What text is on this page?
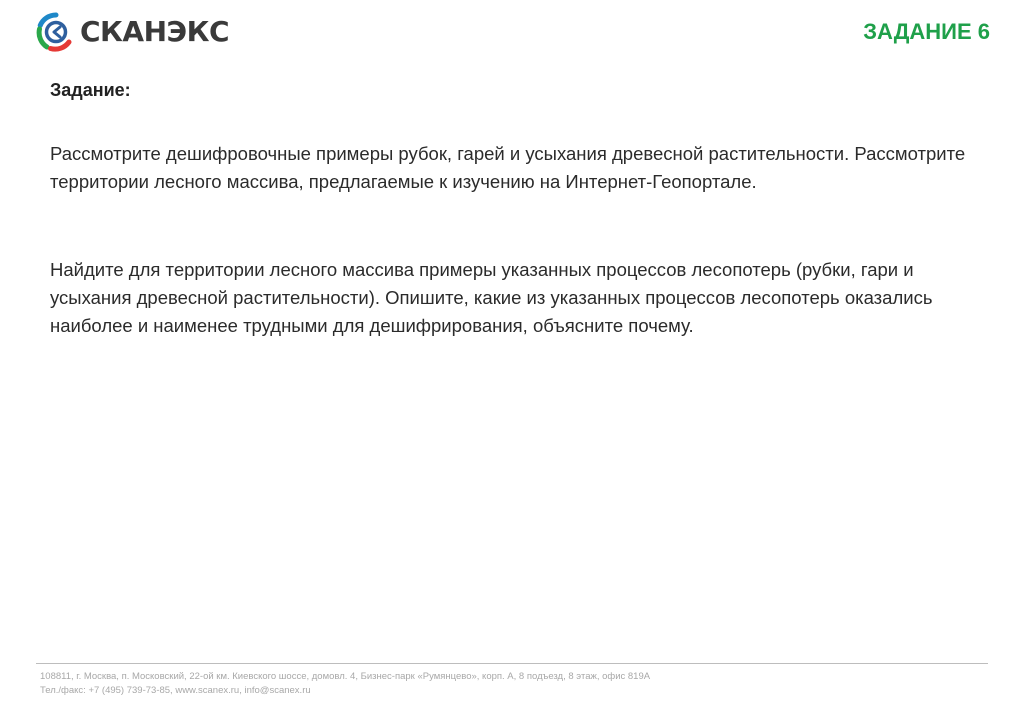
СКАНЭКС	ЗАДАНИЕ 6
Задание:
Рассмотрите дешифровочные примеры рубок, гарей и усыхания древесной растительности. Рассмотрите территории лесного массива, предлагаемые к изучению на Интернет-Геопортале.
Найдите для территории лесного массива примеры указанных процессов лесопотерь (рубки, гари и усыхания древесной растительности). Опишите, какие из указанных процессов лесопотерь оказались наиболее и наименее трудными для дешифрирования, объясните почему.
108811, г. Москва, п. Московский, 22-ой км. Киевского шоссе, домовл. 4, Бизнес-парк «Румянцево», корп. А, 8 подъезд, 8 этаж, офис 819А
Тел./факс: +7 (495) 739-73-85, www.scanex.ru, info@scanex.ru
